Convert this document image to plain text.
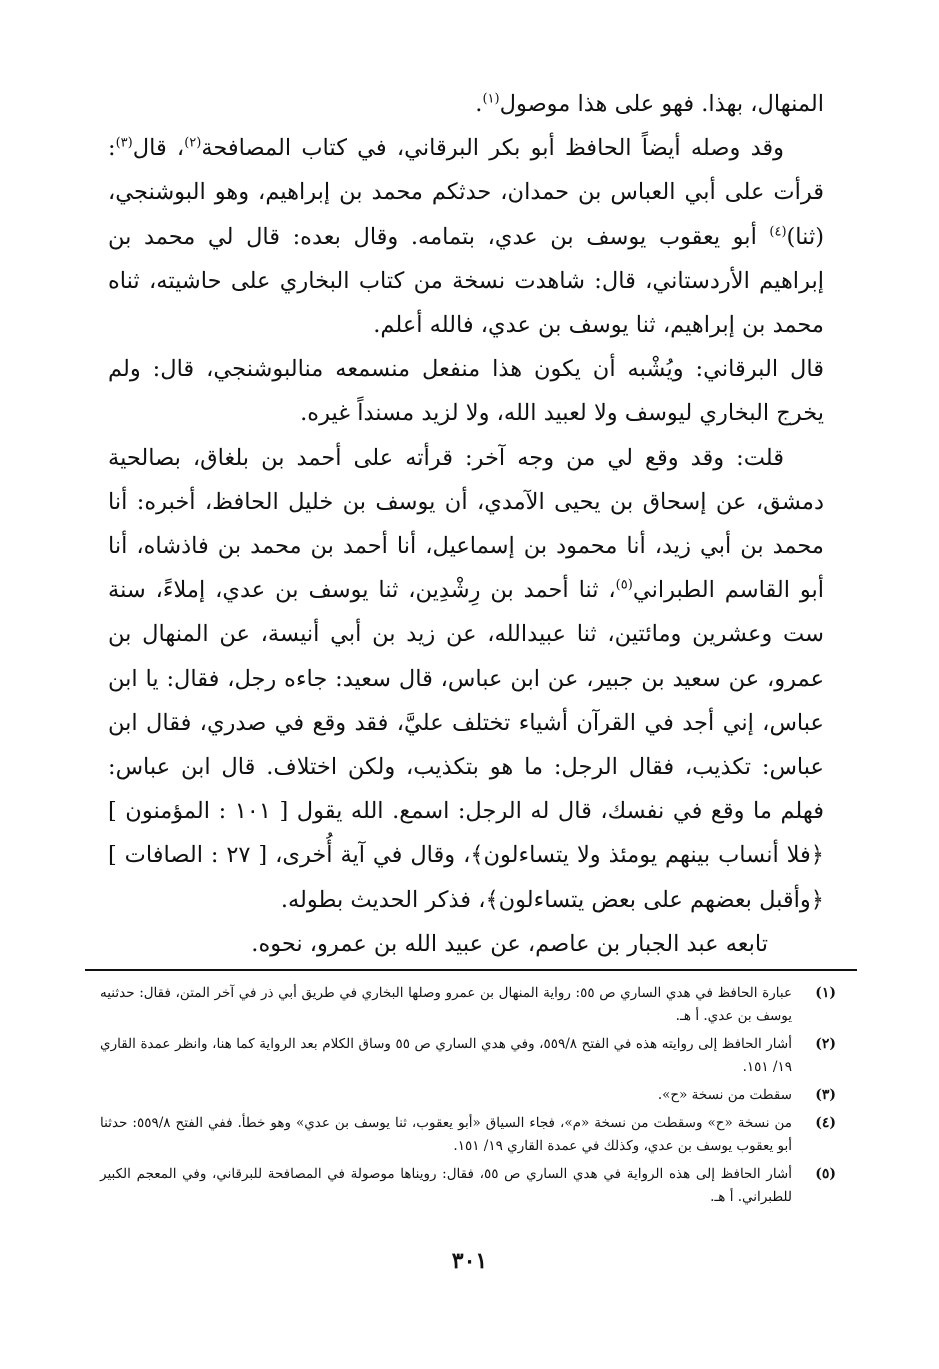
المنهال، بهذا. فهو على هذا موصول$^{(١)}$.

وقد وصله أيضاً الحافظ أبو بكر البرقاني، في كتاب المصافحة$^{(٢)}$، قال$^{(٣)}$: قرأت على أبي العباس بن حمدان، حدثكم محمد بن إبراهيم، وهو البوشنجي، (ثنا)$^{(٤)}$ أبو يعقوب يوسف بن عدي، بتمامه. وقال بعده: قال لي محمد بن إبراهيم الأردستاني، قال: شاهدت نسخة من كتاب البخاري على حاشيته، ثناه محمد بن إبراهيم، ثنا يوسف بن عدي، فالله أعلم.

قال البرقاني: ويُشْبه أن يكون هذا منفعل منسمعه منالبوشنجي، قال: ولم يخرج البخاري ليوسف ولا لعبيد الله، ولا لزيد مسنداً غيره.

قلت: وقد وقع لي من وجه آخر: قرأته على أحمد بن بلغاق، بصالحية دمشق، عن إسحاق بن يحيى الآمدي، أن يوسف بن خليل الحافظ، أخبره: أنا محمد بن أبي زيد، أنا محمود بن إسماعيل، أنا أحمد بن محمد بن فاذشاه، أنا أبو القاسم الطبراني$^{(٥)}$، ثنا أحمد بن رِشْدِين، ثنا يوسف بن عدي، إملاءً، سنة ست وعشرين ومائتين، ثنا عبيدالله، عن زيد بن أبي أنيسة، عن المنهال بن عمرو، عن سعيد بن جبير، عن ابن عباس، قال سعيد: جاءه رجل، فقال: يا ابن عباس، إني أجد في القرآن أشياء تختلف عليَّ، فقد وقع في صدري، فقال ابن عباس: تكذيب، فقال الرجل: ما هو بتكذيب، ولكن اختلاف. قال ابن عباس: فهلم ما وقع في نفسك، قال له الرجل: اسمع. الله يقول [ ١٠١ : المؤمنون ] ﴿فلا أنساب بينهم يومئذ ولا يتساءلون﴾، وقال في آية أُخرى، [ ٢٧ : الصافات ] ﴿وأقبل بعضهم على بعض يتساءلون﴾، فذكر الحديث بطوله.

تابعه عبد الجبار بن عاصم، عن عبيد الله بن عمرو، نحوه.

(١)
عبارة الحافظ في هدي الساري ص ٥٥: رواية المنهال بن عمرو وصلها البخاري في طريق أبي ذر في آخر المتن، فقال: حدثنيه يوسف بن عدي. أ هـ.
(٢)
أشار الحافظ إلى روايته هذه في الفتح ٥٥٩/٨، وفي هدي الساري ص ٥٥ وساق الكلام بعد الرواية كما هنا، وانظر عمدة القاري ١٩/ ١٥١.
(٣)
سقطت من نسخة «ح».
(٤)
من نسخة «ح» وسقطت من نسخة «م»، فجاء السياق «أبو يعقوب، ثنا يوسف بن عدي» وهو خطأ. ففي الفتح ٥٥٩/٨: حدثنا أبو يعقوب يوسف بن عدي، وكذلك في عمدة القاري ١٩/ ١٥١.
(٥)
أشار الحافظ إلى هذه الرواية في هدي الساري ص ٥٥، فقال: رويناها موصولة في المصافحة للبرقاني، وفي المعجم الكبير للطبراني. أ هـ.
٣٠١
